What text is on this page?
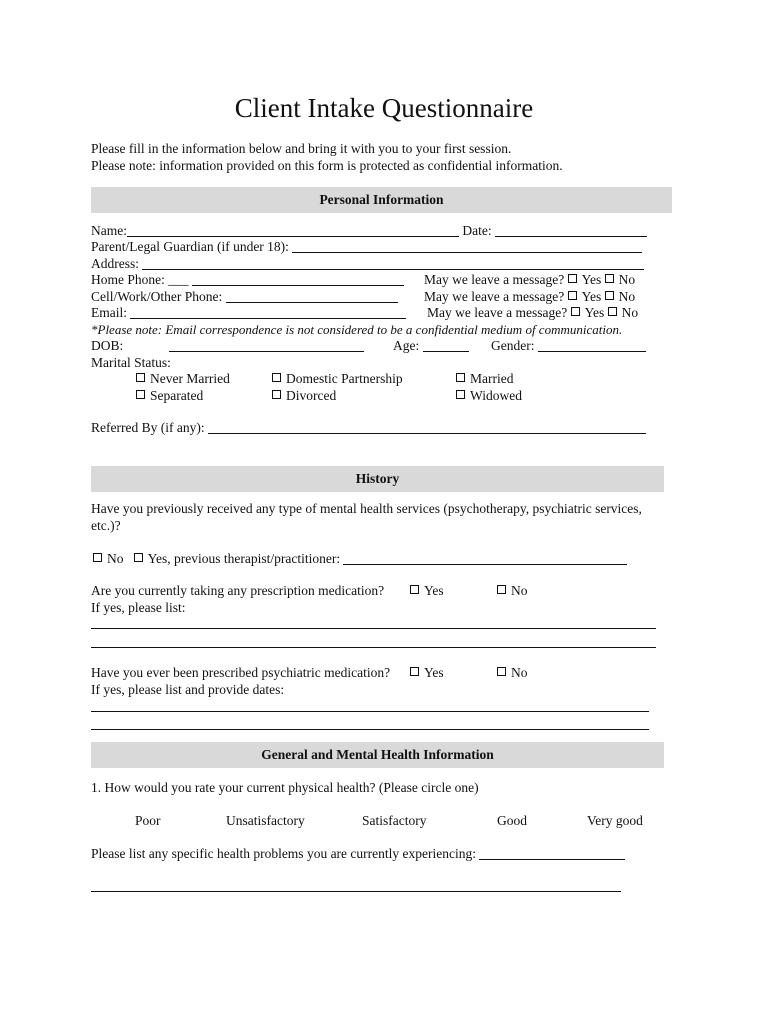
Client Intake Questionnaire
Please fill in the information below and bring it with you to your first session.
Please note: information provided on this form is protected as confidential information.
Personal Information
Name:	Date:
Parent/Legal Guardian (if under 18):
Address:
Home Phone: ___	May we leave a message? Yes No
Cell/Work/Other Phone:	May we leave a message? Yes No
Email:	May we leave a message? Yes No
*Please note: Email correspondence is not considered to be a confidential medium of communication.
DOB:	Age:	Gender:
Marital Status:
Never Married	Domestic Partnership	Married
Separated	Divorced	Widowed
Referred By (if any):
History
Have you previously received any type of mental health services (psychotherapy, psychiatric services,
etc.)?
No Yes, previous therapist/practitioner:
Are you currently taking any prescription medication?	Yes	No
If yes, please list:
Have you ever been prescribed psychiatric medication?	Yes	No
If yes, please list and provide dates:
General and Mental Health Information
1. How would you rate your current physical health? (Please circle one)
Poor	Unsatisfactory	Satisfactory	Good	Very good
Please list any specific health problems you are currently experiencing:
